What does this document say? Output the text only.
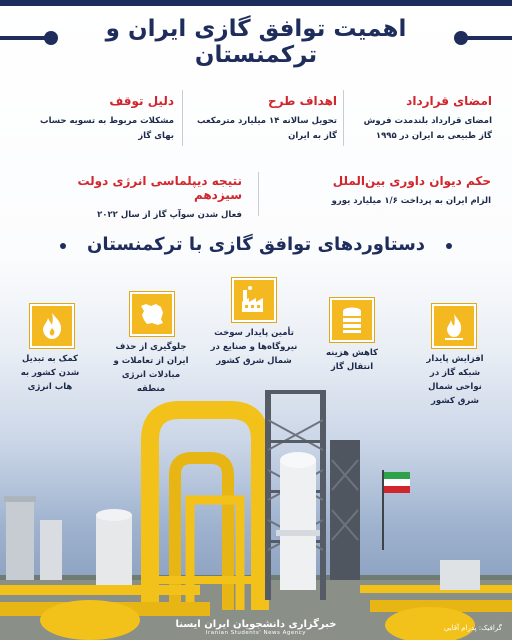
اهمیت توافق گازی ایران و ترکمنستان
امضای قرارداد
امضای قرارداد بلندمدت فروش گاز طبیعی به ایران در ۱۹۹۵
اهداف طرح
تحویل سالانه ۱۴ میلیارد مترمکعب گاز به ایران
دلیل توقف
مشکلات مربوط به تسویه حساب بهای گاز
حکم دیوان داوری بین‌الملل
الزام ایران به پرداخت ۱/۶ میلیارد یورو
نتیجه دیپلماسی انرژی دولت سیزدهم
فعال شدن سوآپ گاز از سال ۲۰۲۲
دستاوردهای توافق گازی با ترکمنستان
افزایش پایدار شبکه گاز در نواحی شمال شرق کشور
کاهش هزینه انتقال گاز
تأمین پایدار سوخت نیروگاه‌ها و صنایع در شمال شرق کشور
جلوگیری از حذف ایران از تعاملات و مبادلات انرژی منطقه
کمک به تبدیل شدن کشور به هاب انرژی
گرافیک: پدرام آقایی
خبرگزاری دانشجویان ایران ایسنا
Iranian Students' News Agency
